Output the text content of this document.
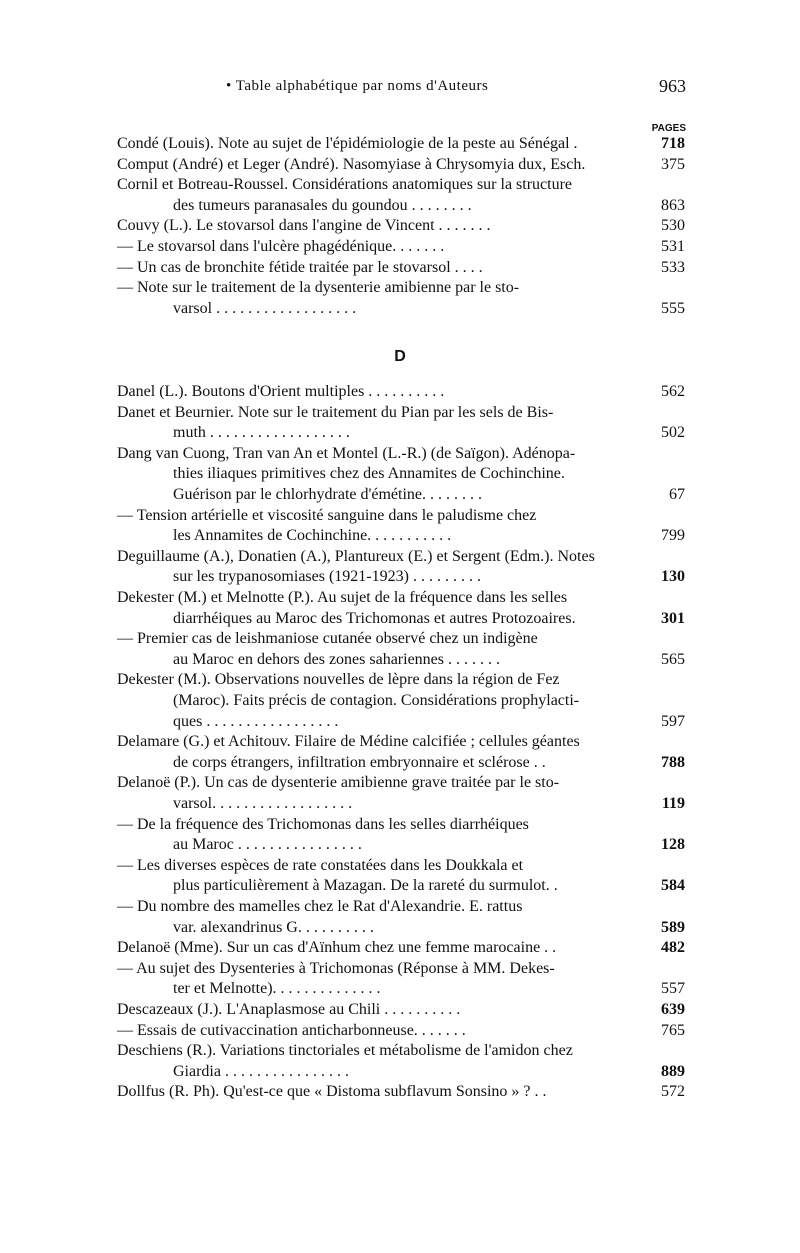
• Table alphabétique par noms d'Auteurs	963
PAGES
Condé (Louis). Note au sujet de l'épidémiologie de la peste au Sénégal .	718
Comput (André) et Leger (André). Nasomyiase à Chrysomyia dux, Esch.	375
Cornil et Botreau-Roussel. Considérations anatomiques sur la structure
des tumeurs paranasales du goundou . . . . . . . .	863
Couvy (L.). Le stovarsol dans l'angine de Vincent . . . . . . .	530
— Le stovarsol dans l'ulcère phagédénique. . . . . . .	531
— Un cas de bronchite fétide traitée par le stovarsol . . . .	533
— Note sur le traitement de la dysenterie amibienne par le sto-
varsol . . . . . . . . . . . . . . . . . .	555
D
Danel (L.). Boutons d'Orient multiples . . . . . . . . . .	562
Danet et Beurnier. Note sur le traitement du Pian par les sels de Bis-
muth . . . . . . . . . . . . . . . . . .	502
Dang van Cuong, Tran van An et Montel (L.-R.) (de Saïgon). Adénopa-
thies iliaques primitives chez des Annamites de Cochinchine.
Guérison par le chlorhydrate d'émétine. . . . . . . .	67
— Tension artérielle et viscosité sanguine dans le paludisme chez
les Annamites de Cochinchine. . . . . . . . . . .	799
Deguillaume (A.), Donatien (A.), Plantureux (E.) et Sergent (Edm.). Notes
sur les trypanosomiases (1921-1923) . . . . . . . . .	130
Dekester (M.) et Melnotte (P.). Au sujet de la fréquence dans les selles
diarrhéiques au Maroc des Trichomonas et autres Protozoaires.	301
— Premier cas de leishmaniose cutanée observé chez un indigène
au Maroc en dehors des zones sahariennes . . . . . . .	565
Dekester (M.). Observations nouvelles de lèpre dans la région de Fez
(Maroc). Faits précis de contagion. Considérations prophylacti-
ques . . . . . . . . . . . . . . . . .	597
Delamare (G.) et Achitouv. Filaire de Médine calcifiée ; cellules géantes
de corps étrangers, infiltration embryonnaire et sclérose . .	788
Delanoë (P.). Un cas de dysenterie amibienne grave traitée par le sto-
varsol. . . . . . . . . . . . . . . . . .	119
— De la fréquence des Trichomonas dans les selles diarrhéiques
au Maroc . . . . . . . . . . . . . . . .	128
— Les diverses espèces de rate constatées dans les Doukkala et
plus particulièrement à Mazagan. De la rareté du surmulot. .	584
— Du nombre des mamelles chez le Rat d'Alexandrie. E. rattus
var. alexandrinus G. . . . . . . . . .	589
Delanoë (Mme). Sur un cas d'Aïnhum chez une femme marocaine . .	482
— Au sujet des Dysenteries à Trichomonas (Réponse à MM. Dekes-
ter et Melnotte). . . . . . . . . . . . . .	557
Descazeaux (J.). L'Anaplasmose au Chili . . . . . . . . . .	639
— Essais de cutivaccination anticharbonneuse. . . . . . .	765
Deschiens (R.). Variations tinctoriales et métabolisme de l'amidon chez
Giardia . . . . . . . . . . . . . . . .	889
Dollfus (R. Ph). Qu'est-ce que « Distoma subflavum Sonsino » ? . .	572
